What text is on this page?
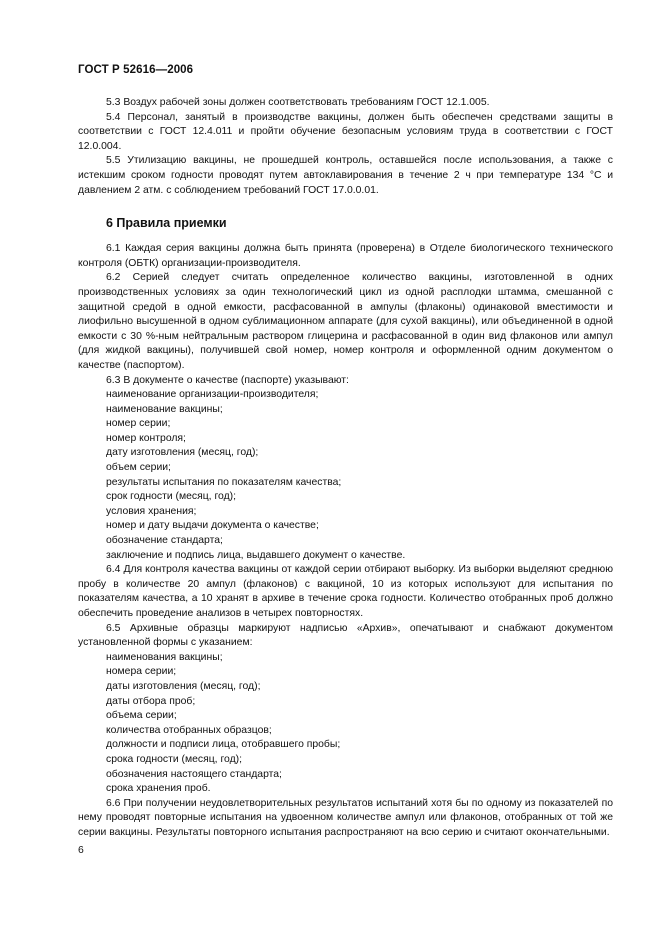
ГОСТ Р 52616—2006

5.3 Воздух рабочей зоны должен соответствовать требованиям ГОСТ 12.1.005.

5.4 Персонал, занятый в производстве вакцины, должен быть обеспечен средствами защиты в соответствии с ГОСТ 12.4.011 и пройти обучение безопасным условиям труда в соответствии с ГОСТ 12.0.004.

5.5 Утилизацию вакцины, не прошедшей контроль, оставшейся после использования, а также с истекшим сроком годности проводят путем автоклавирования в течение 2 ч при температуре 134 °C и давлением 2 атм. с соблюдением требований ГОСТ 17.0.0.01.

6 Правила приемки

6.1 Каждая серия вакцины должна быть принята (проверена) в Отделе биологического технического контроля (ОБТК) организации-производителя.

6.2 Серией следует считать определенное количество вакцины, изготовленной в одних производственных условиях за один технологический цикл из одной расплодки штамма, смешанной с защитной средой в одной емкости, расфасованной в ампулы (флаконы) одинаковой вместимости и лиофильно высушенной в одном сублимационном аппарате (для сухой вакцины), или объединенной в одной емкости с 30 %-ным нейтральным раствором глицерина и расфасованной в один вид флаконов или ампул (для жидкой вакцины), получившей свой номер, номер контроля и оформленной одним документом о качестве (паспортом).

6.3 В документе о качестве (паспорте) указывают:

наименование организации-производителя;

наименование вакцины;

номер серии;

номер контроля;

дату изготовления (месяц, год);

объем серии;

результаты испытания по показателям качества;

срок годности (месяц, год);

условия хранения;

номер и дату выдачи документа о качестве;

обозначение стандарта;

заключение и подпись лица, выдавшего документ о качестве.

6.4 Для контроля качества вакцины от каждой серии отбирают выборку. Из выборки выделяют среднюю пробу в количестве 20 ампул (флаконов) с вакциной, 10 из которых используют для испытания по показателям качества, а 10 хранят в архиве в течение срока годности. Количество отобранных проб должно обеспечить проведение анализов в четырех повторностях.

6.5 Архивные образцы маркируют надписью «Архив», опечатывают и снабжают документом установленной формы с указанием:

наименования вакцины;

номера серии;

даты изготовления (месяц, год);

даты отбора проб;

объема серии;

количества отобранных образцов;

должности и подписи лица, отобравшего пробы;

срока годности (месяц, год);

обозначения настоящего стандарта;

срока хранения проб.

6.6 При получении неудовлетворительных результатов испытаний хотя бы по одному из показателей по нему проводят повторные испытания на удвоенном количестве ампул или флаконов, отобранных от той же серии вакцины. Результаты повторного испытания распространяют на всю серию и считают окончательными.

6
